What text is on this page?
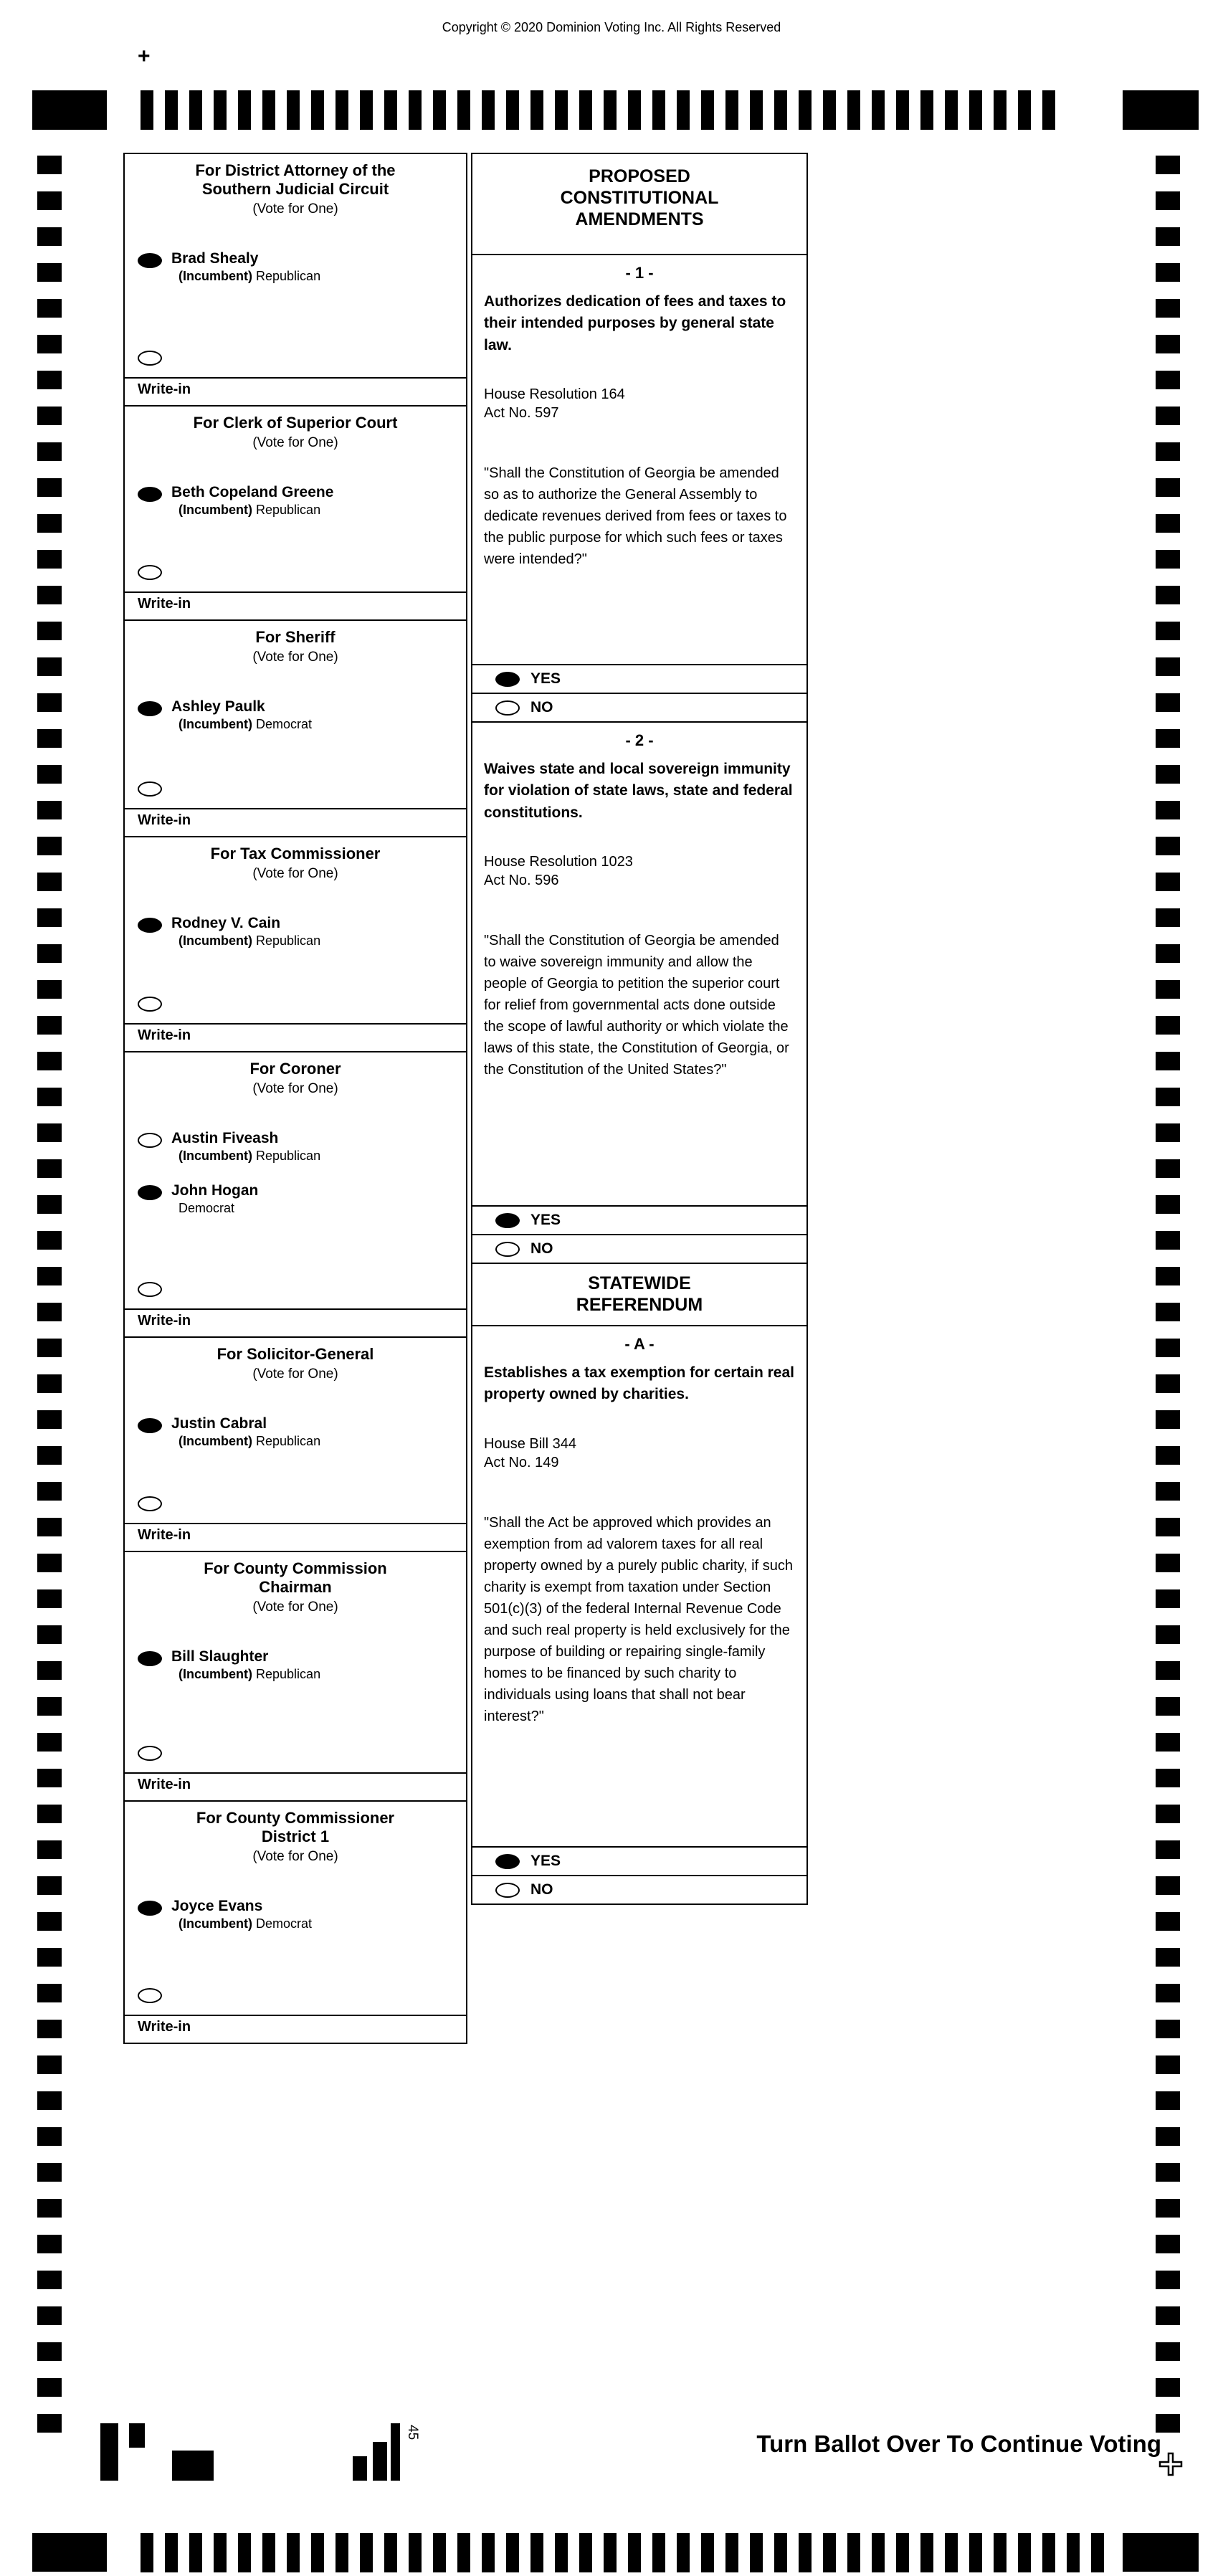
Copyright © 2020 Dominion Voting Inc. All Rights Reserved
+
For District Attorney of the
Southern Judicial Circuit
(Vote for One)
Brad Shealy
(Incumbent) Republican
Write-in
For Clerk of Superior Court
(Vote for One)
Beth Copeland Greene
(Incumbent) Republican
Write-in
For Sheriff
(Vote for One)
Ashley Paulk
(Incumbent) Democrat
Write-in
For Tax Commissioner
(Vote for One)
Rodney V. Cain
(Incumbent) Republican
Write-in
For Coroner
(Vote for One)
Austin Fiveash
(Incumbent) Republican
John Hogan
Democrat
Write-in
For Solicitor-General
(Vote for One)
Justin Cabral
(Incumbent) Republican
Write-in
For County Commission
Chairman
(Vote for One)
Bill Slaughter
(Incumbent) Republican
Write-in
For County Commissioner
District 1
(Vote for One)
Joyce Evans
(Incumbent) Democrat
Write-in
PROPOSED
CONSTITUTIONAL
AMENDMENTS
- 1 -
Authorizes dedication of fees and taxes to their intended purposes by general state law.
House Resolution 164
Act No. 597
"Shall the Constitution of Georgia be amended so as to authorize the General Assembly to dedicate revenues derived from fees or taxes to the public purpose for which such fees or taxes were intended?"
YES
NO
- 2 -
Waives state and local sovereign immunity for violation of state laws, state and federal constitutions.
House Resolution 1023
Act No. 596
"Shall the Constitution of Georgia be amended to waive sovereign immunity and allow the people of Georgia to petition the superior court for relief from governmental acts done outside the scope of lawful authority or which violate the laws of this state, the Constitution of Georgia, or the Constitution of the United States?"
YES
NO
STATEWIDE
REFERENDUM
- A -
Establishes a tax exemption for certain real property owned by charities.
House Bill 344
Act No. 149
"Shall the Act be approved which provides an exemption from ad valorem taxes for all real property owned by a purely public charity, if such charity is exempt from taxation under Section 501(c)(3) of the federal Internal Revenue Code and such real property is held exclusively for the purpose of building or repairing single-family homes to be financed by such charity to individuals using loans that shall not bear interest?"
YES
NO
45	Turn Ballot Over To Continue Voting
